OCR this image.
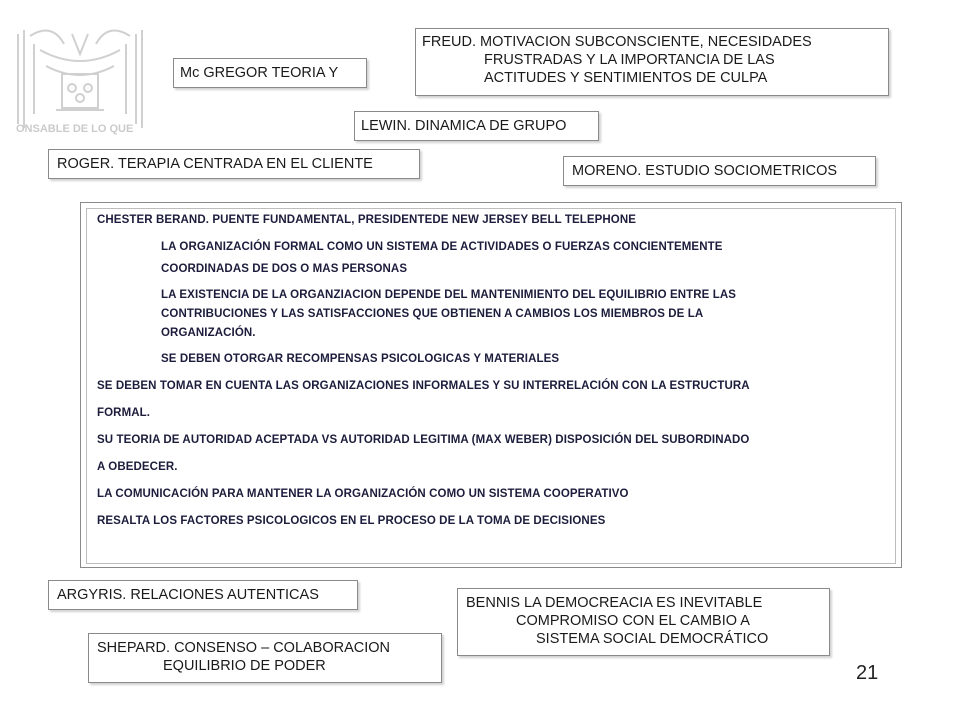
ONSABLE DE LO QUE
FREUD. MOTIVACION SUBCONSCIENTE, NECESIDADES
FRUSTRADAS Y LA IMPORTANCIA DE LAS
ACTITUDES Y SENTIMIENTOS DE CULPA
Mc GREGOR TEORIA Y
LEWIN. DINAMICA DE GRUPO
ROGER. TERAPIA CENTRADA EN EL CLIENTE	MORENO. ESTUDIO SOCIOMETRICOS
CHESTER BERAND. PUENTE FUNDAMENTAL, PRESIDENTEDE NEW JERSEY BELL TELEPHONE
LA ORGANIZACIÓN FORMAL COMO UN SISTEMA DE ACTIVIDADES O FUERZAS CONCIENTEMENTE
COORDINADAS DE DOS O MAS PERSONAS
LA EXISTENCIA DE LA ORGANZIACION DEPENDE DEL MANTENIMIENTO DEL EQUILIBRIO ENTRE LAS
CONTRIBUCIONES Y LAS SATISFACCIONES QUE OBTIENEN A CAMBIOS LOS MIEMBROS DE LA
ORGANIZACIÓN.
SE DEBEN OTORGAR RECOMPENSAS PSICOLOGICAS Y MATERIALES
SE DEBEN TOMAR EN CUENTA LAS ORGANIZACIONES INFORMALES Y SU INTERRELACIÓN CON LA ESTRUCTURA
FORMAL.
SU TEORIA DE AUTORIDAD ACEPTADA VS AUTORIDAD LEGITIMA (MAX WEBER) DISPOSICIÓN DEL SUBORDINADO
A OBEDECER.
LA COMUNICACIÓN PARA MANTENER LA ORGANIZACIÓN COMO UN SISTEMA COOPERATIVO
RESALTA LOS FACTORES PSICOLOGICOS EN EL PROCESO DE LA TOMA DE DECISIONES
ARGYRIS. RELACIONES AUTENTICAS	BENNIS LA DEMOCREACIA ES INEVITABLE
COMPROMISO CON EL CAMBIO A
SISTEMA SOCIAL DEMOCRÁTICO
SHEPARD. CONSENSO – COLABORACION
EQUILIBRIO DE PODER	21
